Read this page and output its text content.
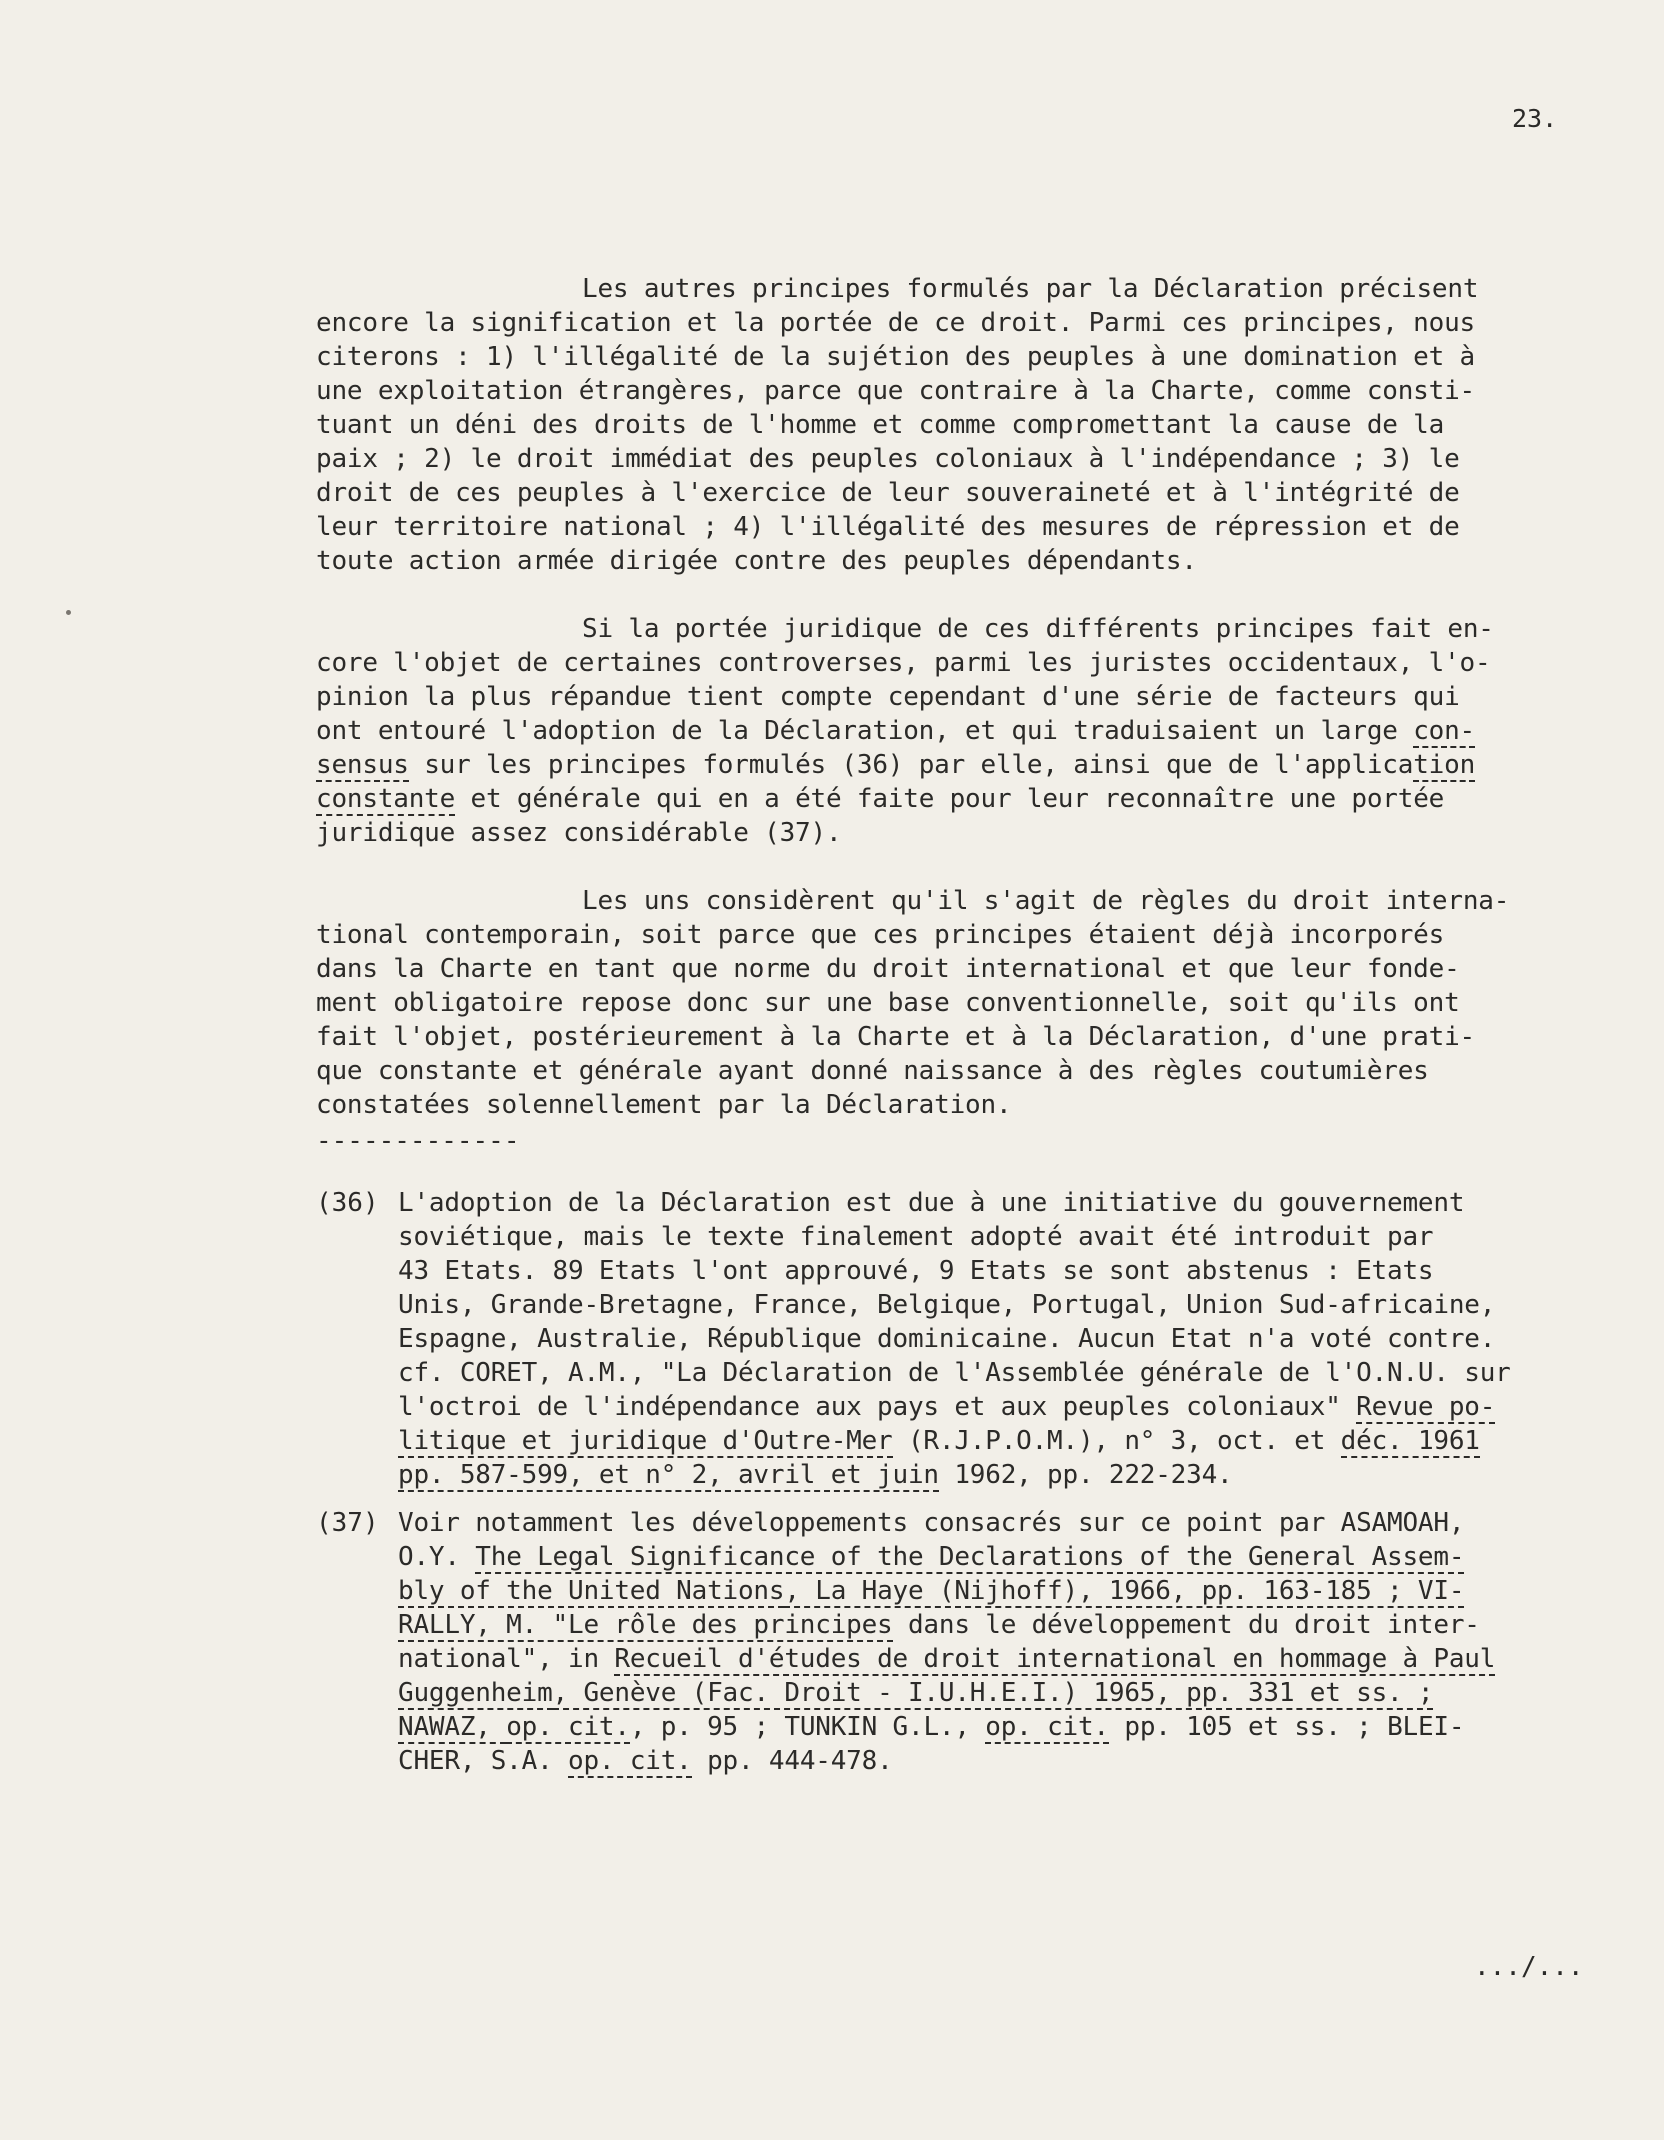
23.
Les autres principes formulés par la Déclaration précisent
encore la signification et la portée de ce droit. Parmi ces principes, nous
citerons : 1) l'illégalité de la sujétion des peuples à une domination et à
une exploitation étrangères, parce que contraire à la Charte, comme consti-
tuant un déni des droits de l'homme et comme compromettant la cause de la
paix ; 2) le droit immédiat des peuples coloniaux à l'indépendance ; 3) le
droit de ces peuples à l'exercice de leur souveraineté et à l'intégrité de
leur territoire national ; 4) l'illégalité des mesures de répression et de
toute action armée dirigée contre des peuples dépendants.
Si la portée juridique de ces différents principes fait en-
core l'objet de certaines controverses, parmi les juristes occidentaux, l'o-
pinion la plus répandue tient compte cependant d'une série de facteurs qui
ont entouré l'adoption de la Déclaration, et qui traduisaient un large con-
sensus sur les principes formulés (36) par elle, ainsi que de l'application
constante et générale qui en a été faite pour leur reconnaître une portée
juridique assez considérable (37).
Les uns considèrent qu'il s'agit de règles du droit interna-
tional contemporain, soit parce que ces principes étaient déjà incorporés
dans la Charte en tant que norme du droit international et que leur fonde-
ment obligatoire repose donc sur une base conventionnelle, soit qu'ils ont
fait l'objet, postérieurement à la Charte et à la Déclaration, d'une prati-
que constante et générale ayant donné naissance à des règles coutumières
constatées solennellement par la Déclaration.
-------------
(36) L'adoption de la Déclaration est due à une initiative du gouvernement
soviétique, mais le texte finalement adopté avait été introduit par
43 Etats. 89 Etats l'ont approuvé, 9 Etats se sont abstenus : Etats
Unis, Grande-Bretagne, France, Belgique, Portugal, Union Sud-africaine,
Espagne, Australie, République dominicaine. Aucun Etat n'a voté contre.
cf. CORET, A.M., "La Déclaration de l'Assemblée générale de l'O.N.U. sur
l'octroi de l'indépendance aux pays et aux peuples coloniaux" Revue po-
litique et juridique d'Outre-Mer (R.J.P.O.M.), n° 3, oct. et déc. 1961
pp. 587-599, et n° 2, avril et juin 1962, pp. 222-234.
(37) Voir notamment les développements consacrés sur ce point par ASAMOAH,
O.Y. The Legal Significance of the Declarations of the General Assem-
bly of the United Nations, La Haye (Nijhoff), 1966, pp. 163-185 ; VI-
RALLY, M. "Le rôle des principes dans le développement du droit inter-
national", in Recueil d'études de droit international en hommage à Paul
Guggenheim, Genève (Fac. Droit - I.U.H.E.I.) 1965, pp. 331 et ss. ;
NAWAZ, op. cit., p. 95 ; TUNKIN G.L., op. cit. pp. 105 et ss. ; BLEI-
CHER, S.A. op. cit. pp. 444-478.
.../...
